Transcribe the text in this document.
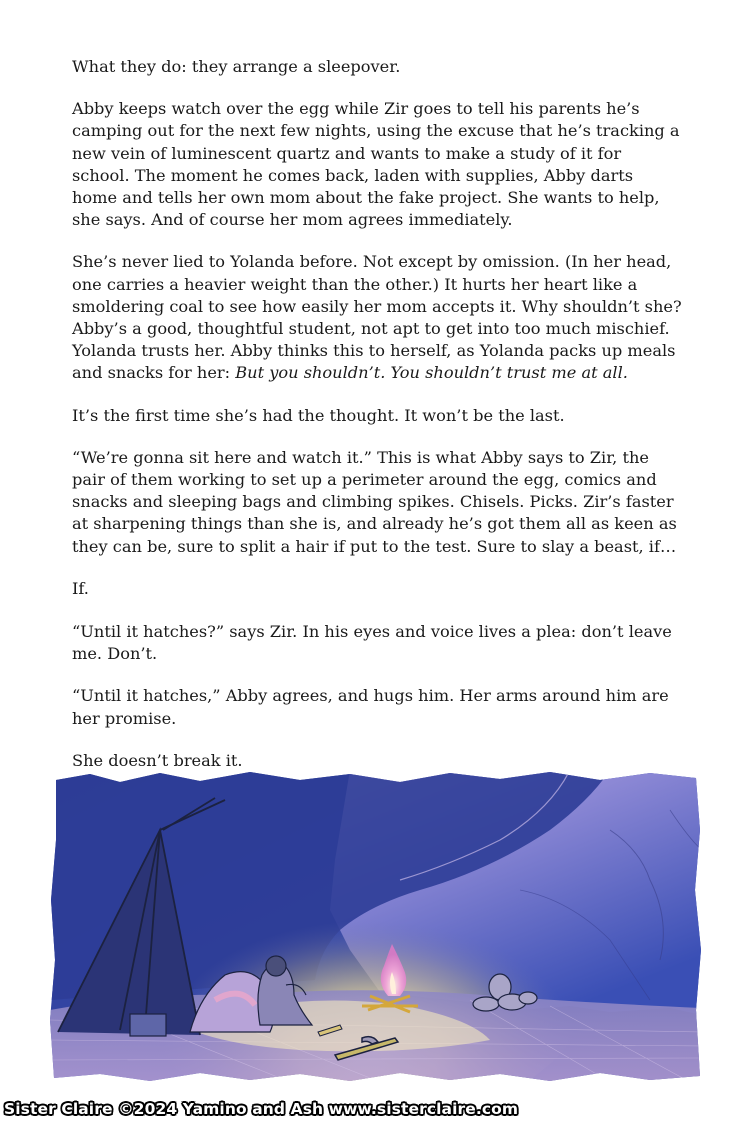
What they do: they arrange a sleepover.

Abby keeps watch over the egg while Zir goes to tell his parents he’s camping out for the next few nights, using the excuse that he’s tracking a new vein of luminescent quartz and wants to make a study of it for school. The moment he comes back, laden with supplies, Abby darts home and tells her own mom about the fake project. She wants to help, she says. And of course her mom agrees immediately.

She’s never lied to Yolanda before. Not except by omission. (In her head, one carries a heavier weight than the other.) It hurts her heart like a smoldering coal to see how easily her mom accepts it. Why shouldn’t she? Abby’s a good, thoughtful student, not apt to get into too much mischief. Yolanda trusts her. Abby thinks this to herself, as Yolanda packs up meals and snacks for her: But you shouldn’t. You shouldn’t trust me at all.

It’s the first time she’s had the thought. It won’t be the last.

“We’re gonna sit here and watch it.” This is what Abby says to Zir, the pair of them working to set up a perimeter around the egg, comics and snacks and sleeping bags and climbing spikes. Chisels. Picks. Zir’s faster at sharpening things than she is, and already he’s got them all as keen as they can be, sure to split a hair if put to the test. Sure to slay a beast, if…

If.

“Until it hatches?” says Zir. In his eyes and voice lives a plea: don’t leave me. Don’t.

“Until it hatches,” Abby agrees, and hugs him. Her arms around him are her promise.

She doesn’t break it.

Sister Claire ©2024 Yamino and Ash www.sisterclaire.com
